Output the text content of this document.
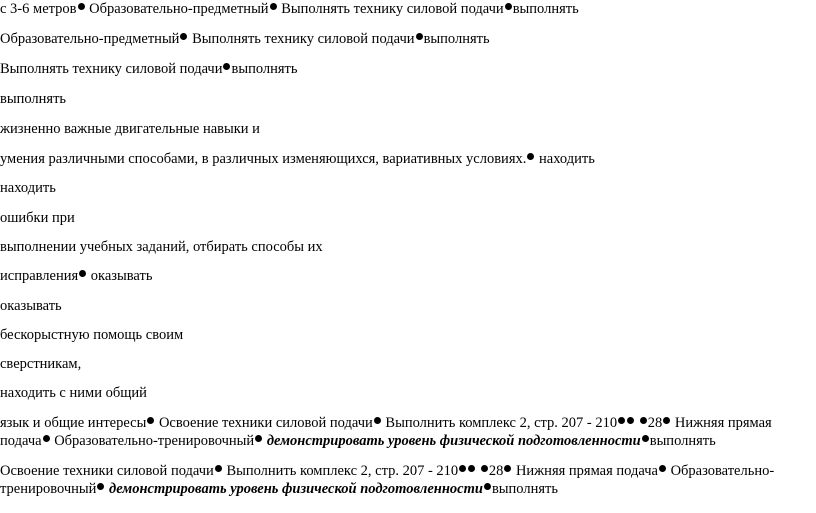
с 3-6 метров Образовательно-предметный Выполнять технику силовой подачи выполнять
Образовательно-предметный Выполнять технику силовой подачи выполнять
Выполнять технику силовой подачи выполнять
выполнять
жизненно важные двигательные навыки и
умения различными способами, в различных изменяющихся, вариативных условиях. находить
находить
ошибки при
выполнении учебных заданий, отбирать способы их
исправления оказывать
оказывать
бескорыстную помощь своим
сверстникам,
находить с ними общий
язык и общие интересы Освоение техники силовой подачи Выполнить комплекс 2, стр. 207 - 210 28 Нижняя прямая
подача Образовательно-тренировочный демонстрировать уровень физической подготовленности выполнять
Освоение техники силовой подачи Выполнить комплекс 2, стр. 207 - 210 28 Нижняя прямая подача Образовательно-
тренировочный демонстрировать уровень физической подготовленности выполнять
